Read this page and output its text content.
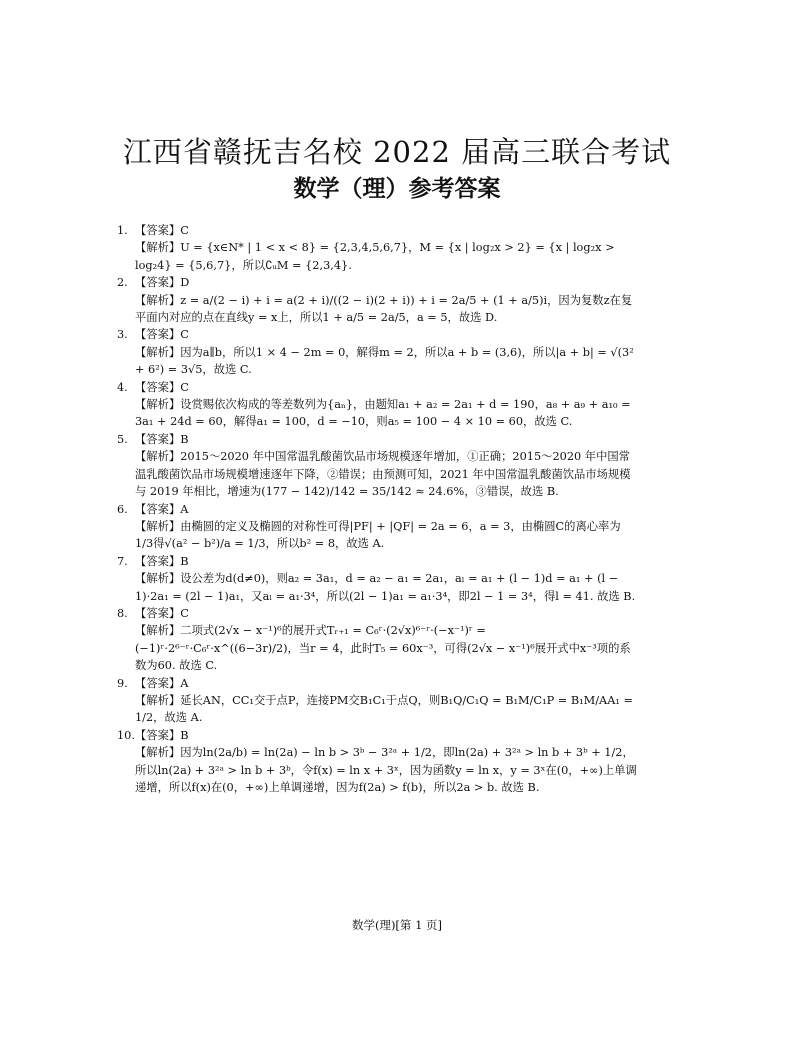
江西省赣抚吉名校 2022 届高三联合考试
数学（理）参考答案
1. 【答案】C
【解析】U = {x∈N* | 1 < x < 8} = {2,3,4,5,6,7}，M = {x | log₂x > 2} = {x | log₂x > log₂4} = {5,6,7}，所以∁ᵤM = {2,3,4}.
2. 【答案】D
【解析】z = a/(2 − i) + i = a(2 + i)/((2 − i)(2 + i)) + i = 2a/5 + (1 + a/5)i，因为复数z在复平面内对应的点在直线y = x上，所以1 + a/5 = 2a/5，a = 5，故选 D.
3. 【答案】C
【解析】因为a∥b，所以1 × 4 − 2m = 0，解得m = 2，所以a + b = (3,6)，所以|a + b| = √(3² + 6²) = 3√5，故选 C.
4. 【答案】C
【解析】设赏赐依次构成的等差数列为{aₙ}，由题知a₁ + a₂ = 2a₁ + d = 190，a₈ + a₉ + a₁₀ = 3a₁ + 24d = 60，解得a₁ = 100，d = −10，则a₅ = 100 − 4 × 10 = 60，故选 C.
5. 【答案】B
【解析】2015～2020 年中国常温乳酸菌饮品市场规模逐年增加，①正确；2015～2020 年中国常温乳酸菌饮品市场规模增速逐年下降，②错误；由预测可知，2021 年中国常温乳酸菌饮品市场规模与 2019 年相比，增速为(177 − 142)/142 = 35/142 ≈ 24.6%，③错误，故选 B.
6. 【答案】A
【解析】由椭圆的定义及椭圆的对称性可得|PF| + |QF| = 2a = 6，a = 3，由椭圆C的离心率为1/3得√(a² − b²)/a = 1/3，所以b² = 8，故选 A.
7. 【答案】B
【解析】设公差为d(d≠0)，则a₂ = 3a₁，d = a₂ − a₁ = 2a₁，aₗ = a₁ + (l − 1)d = a₁ + (l − 1)·2a₁ = (2l − 1)a₁，又aₗ = a₁·3⁴，所以(2l − 1)a₁ = a₁·3⁴，即2l − 1 = 3⁴，得l = 41. 故选 B.
8. 【答案】C
【解析】二项式(2√x − x⁻¹)⁶的展开式Tᵣ₊₁ = C₆ʳ·(2√x)⁶⁻ʳ·(−x⁻¹)ʳ = (−1)ʳ·2⁶⁻ʳ·C₆ʳ·x^((6−3r)/2)，当r = 4，此时T₅ = 60x⁻³，可得(2√x − x⁻¹)⁶展开式中x⁻³项的系数为60. 故选 C.
9. 【答案】A
【解析】延长AN，CC₁交于点P，连接PM交B₁C₁于点Q，则B₁Q/C₁Q = B₁M/C₁P = B₁M/AA₁ = 1/2，故选 A.
10.【答案】B
【解析】因为ln(2a/b) = ln(2a) − ln b > 3ᵇ − 3²ᵃ + 1/2，即ln(2a) + 3²ᵃ > ln b + 3ᵇ + 1/2，所以ln(2a) + 3²ᵃ > ln b + 3ᵇ，令f(x) = ln x + 3ˣ，因为函数y = ln x，y = 3ˣ在(0，+∞)上单调递增，所以f(x)在(0，+∞)上单调递增，因为f(2a) > f(b)，所以2a > b. 故选 B.
数学(理)[第 1 页]
